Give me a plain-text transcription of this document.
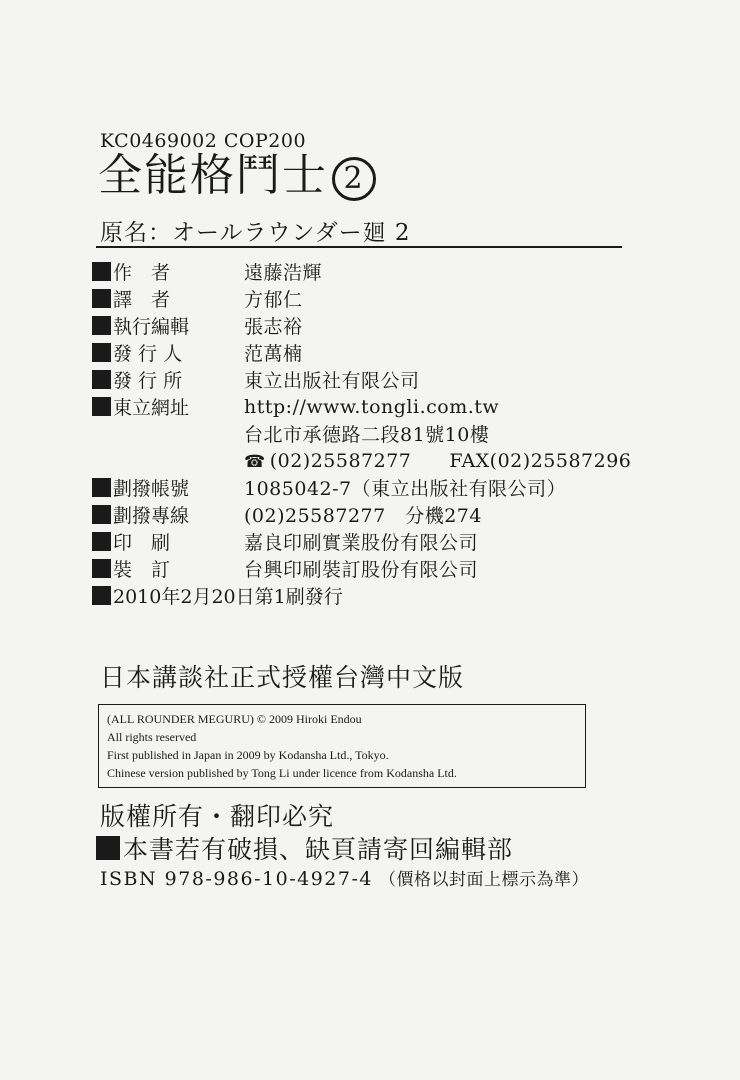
KC0469002 COP200
全能格鬥士 2
原名：オールラウンダー廻 2
作　者	遠藤浩輝
譯　者	方郁仁
執行編輯	張志裕
發 行 人	范萬楠
發 行 所	東立出版社有限公司
東立網址	http://www.tongli.com.tw
台北市承德路二段81號10樓
☎ (02)25587277 FAX(02)25587296
劃撥帳號	1085042-7（東立出版社有限公司）
劃撥專線	(02)25587277　分機274
印　刷	嘉良印刷實業股份有限公司
裝　訂	台興印刷裝訂股份有限公司
2010年2月20日第1刷發行
日本講談社正式授權台灣中文版
(ALL ROUNDER MEGURU) © 2009 Hiroki Endou
All rights reserved
First published in Japan in 2009 by Kodansha Ltd., Tokyo.
Chinese version published by Tong Li under licence from Kodansha Ltd.
版權所有・翻印必究
本書若有破損、缺頁請寄回編輯部
ISBN 978-986-10-4927-4 （價格以封面上標示為準）
